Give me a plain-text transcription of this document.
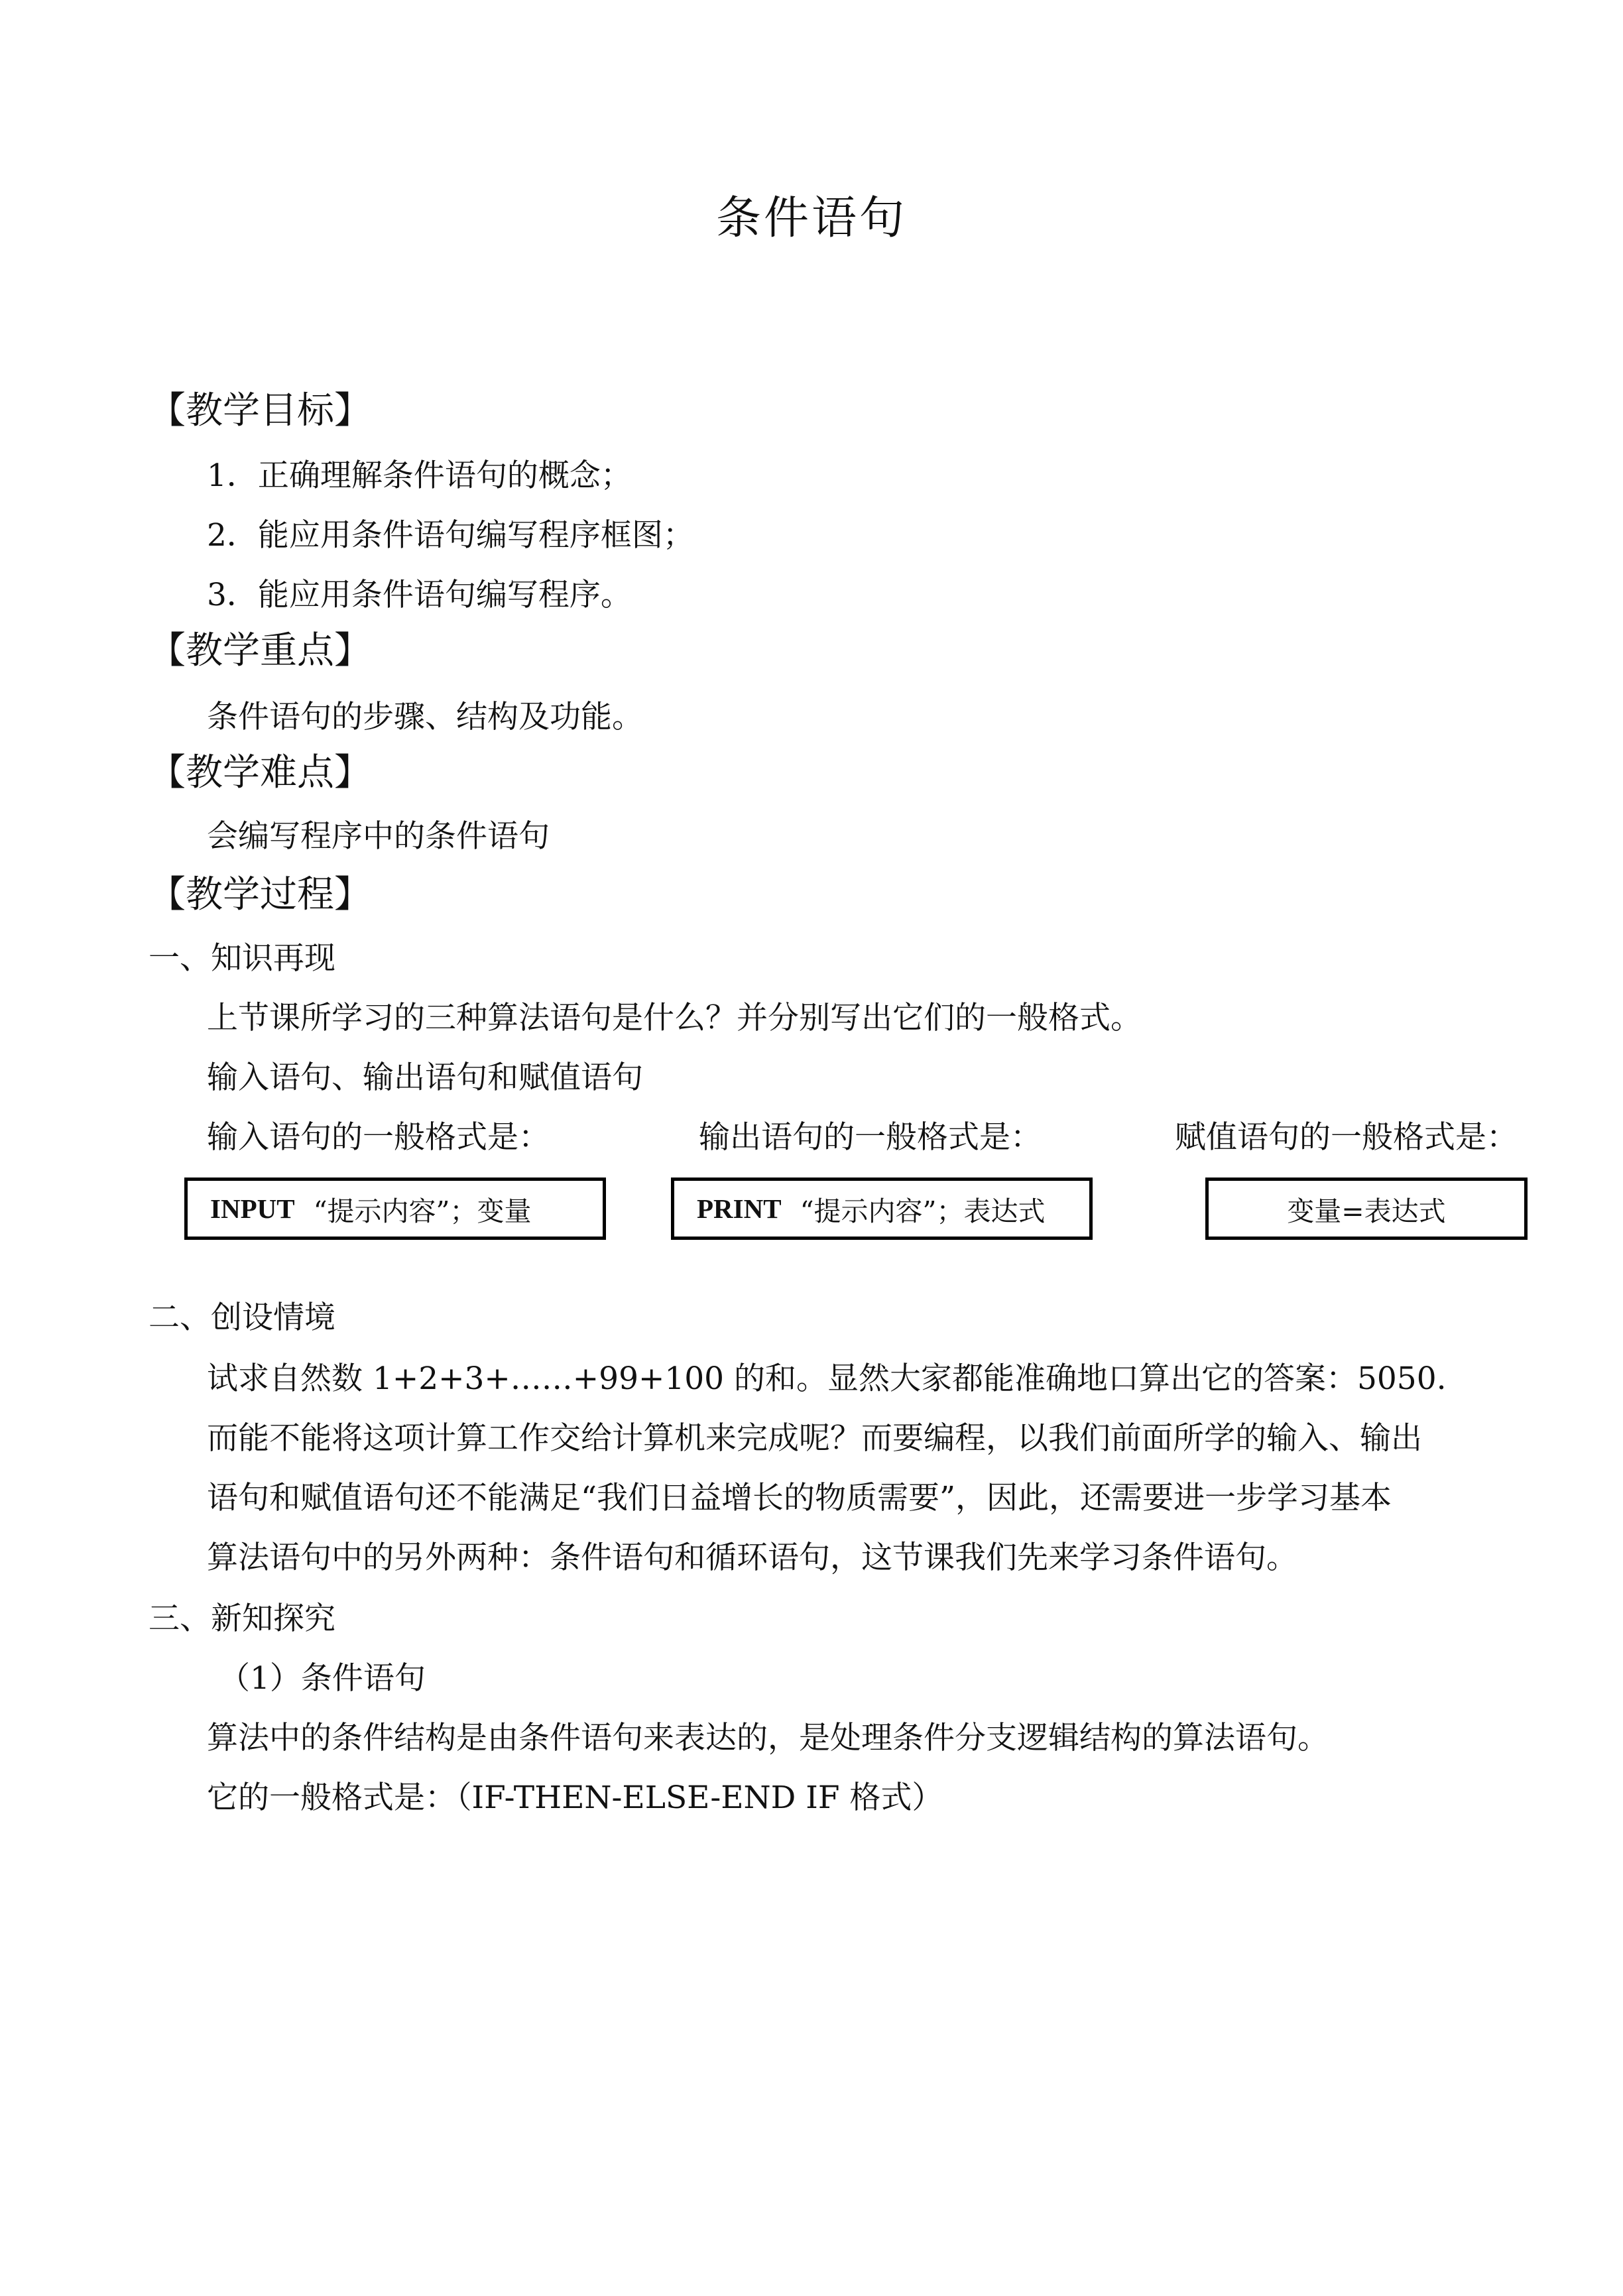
条件语句
【教学目标】
1．正确理解条件语句的概念；
2．能应用条件语句编写程序框图；
3．能应用条件语句编写程序。
【教学重点】
条件语句的步骤、结构及功能。
【教学难点】
会编写程序中的条件语句
【教学过程】
一、知识再现
上节课所学习的三种算法语句是什么？并分别写出它们的一般格式。
输入语句、输出语句和赋值语句
输入语句的一般格式是：	输出语句的一般格式是：	赋值语句的一般格式是：
INPUT “提示内容”；变量	PRINT “提示内容”；表达式	变量=表达式
二、创设情境
试求自然数 1+2+3+……+99+100 的和。显然大家都能准确地口算出它的答案：5050.
而能不能将这项计算工作交给计算机来完成呢？而要编程，以我们前面所学的输入、输出
语句和赋值语句还不能满足“我们日益增长的物质需要”，因此，还需要进一步学习基本
算法语句中的另外两种：条件语句和循环语句，这节课我们先来学习条件语句。
三、新知探究
（1）条件语句
算法中的条件结构是由条件语句来表达的，是处理条件分支逻辑结构的算法语句。
它的一般格式是：（IF-THEN-ELSE-END IF 格式）
